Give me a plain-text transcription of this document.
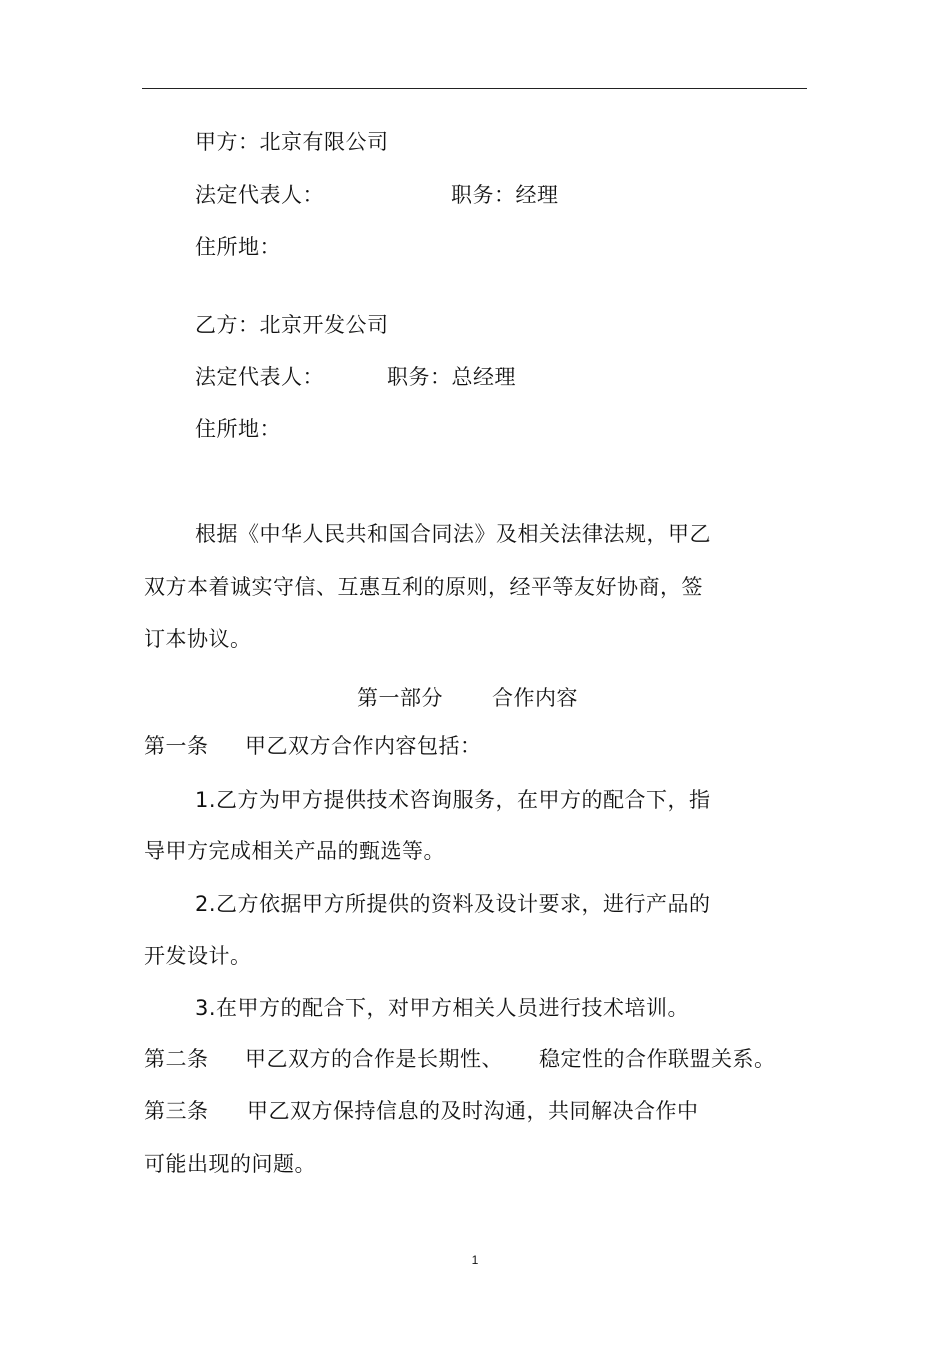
甲方：北京有限公司
法定代表人：	职务：经理
住所地：
乙方：北京开发公司
法定代表人：	职务：总经理
住所地：
根据《中华人民共和国合同法》及相关法律法规，甲乙
双方本着诚实守信、互惠互利的原则，经平等友好协商，签
订本协议。
第一部分 合作内容
第一条 甲乙双方合作内容包括：
1.乙方为甲方提供技术咨询服务，在甲方的配合下，指
导甲方完成相关产品的甄选等。
2.乙方依据甲方所提供的资料及设计要求，进行产品的
开发设计。
3.在甲方的配合下，对甲方相关人员进行技术培训。
第二条 甲乙双方的合作是长期性、 稳定性的合作联盟关系。
第三条 甲乙双方保持信息的及时沟通，共同解决合作中
可能出现的问题。
1
